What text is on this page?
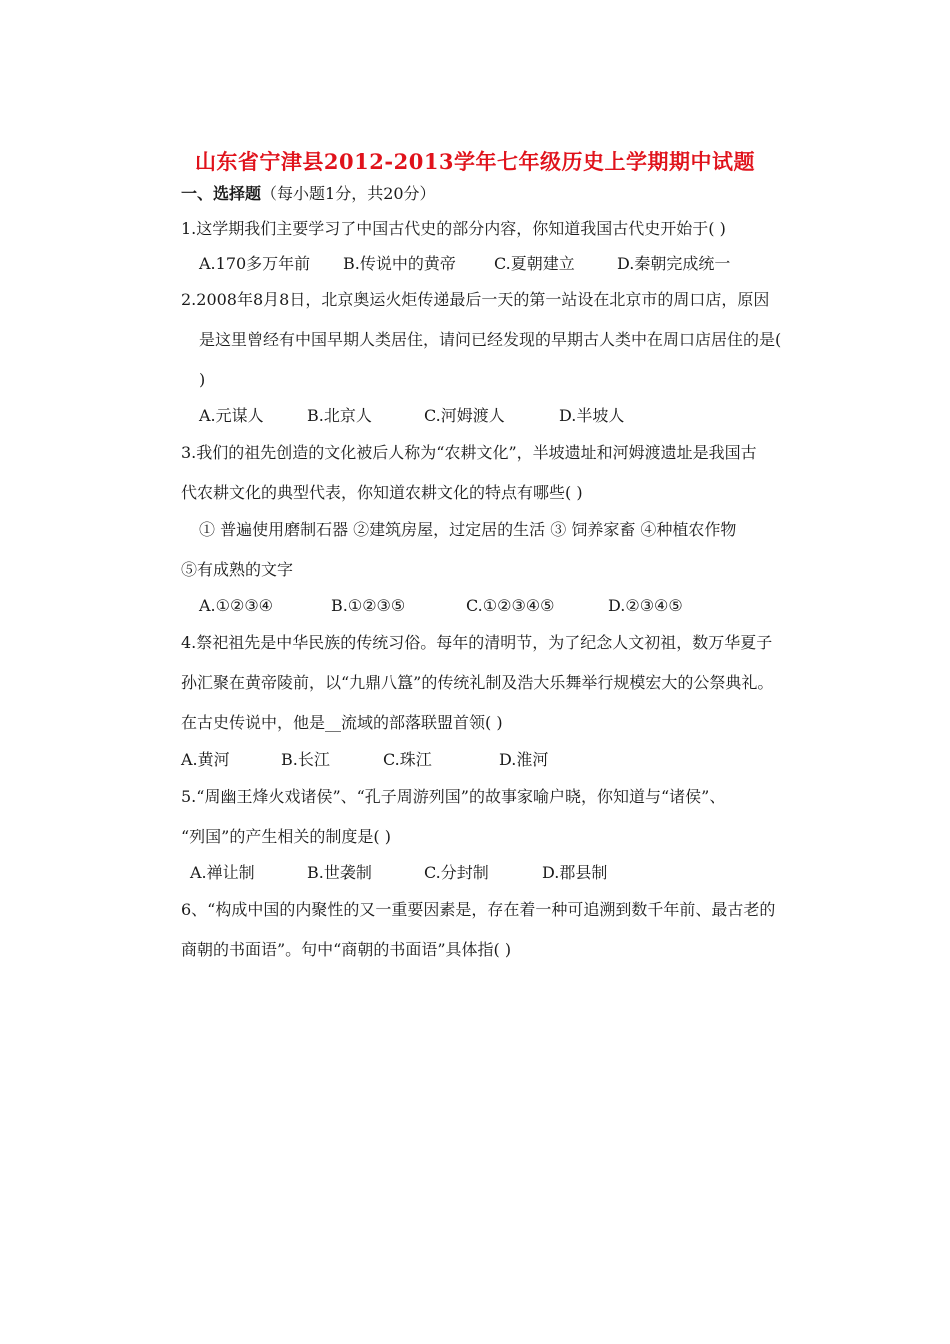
山东省宁津县2012-2013学年七年级历史上学期期中试题
一、选择题（每小题1分，共20分）
1.这学期我们主要学习了中国古代史的部分内容，你知道我国古代史开始于( )
A.170多万年前 B.传说中的黄帝 C.夏朝建立	D.秦朝完成统一
2.2008年8月8日，北京奥运火炬传递最后一天的第一站设在北京市的周口店，原因
是这里曾经有中国早期人类居住，请问已经发现的早期古人类中在周口店居住的是(
)
A.元谋人	B.北京人	C.河姆渡人	D.半坡人
3.我们的祖先创造的文化被后人称为“农耕文化”，半坡遗址和河姆渡遗址是我国古
代农耕文化的典型代表，你知道农耕文化的特点有哪些( )
① 普遍使用磨制石器 ②建筑房屋，过定居的生活 ③ 饲养家畜 ④种植农作物
⑤有成熟的文字
A.①②③④	B.①②③⑤	C.①②③④⑤	D.②③④⑤
4.祭祀祖先是中华民族的传统习俗。每年的清明节，为了纪念人文初祖，数万华夏子
孙汇聚在黄帝陵前，以“九鼎八簋”的传统礼制及浩大乐舞举行规模宏大的公祭典礼。
在古史传说中，他是__流域的部落联盟首领( )
A.黄河	B.长江	C.珠江	D.淮河
5.“周幽王烽火戏诸侯”、“孔子周游列国”的故事家喻户晓，你知道与“诸侯”、
“列国”的产生相关的制度是( )
A.禅让制	B.世袭制	C.分封制	D.郡县制
6、“构成中国的内聚性的又一重要因素是，存在着一种可追溯到数千年前、最古老的
商朝的书面语”。句中“商朝的书面语”具体指( )
